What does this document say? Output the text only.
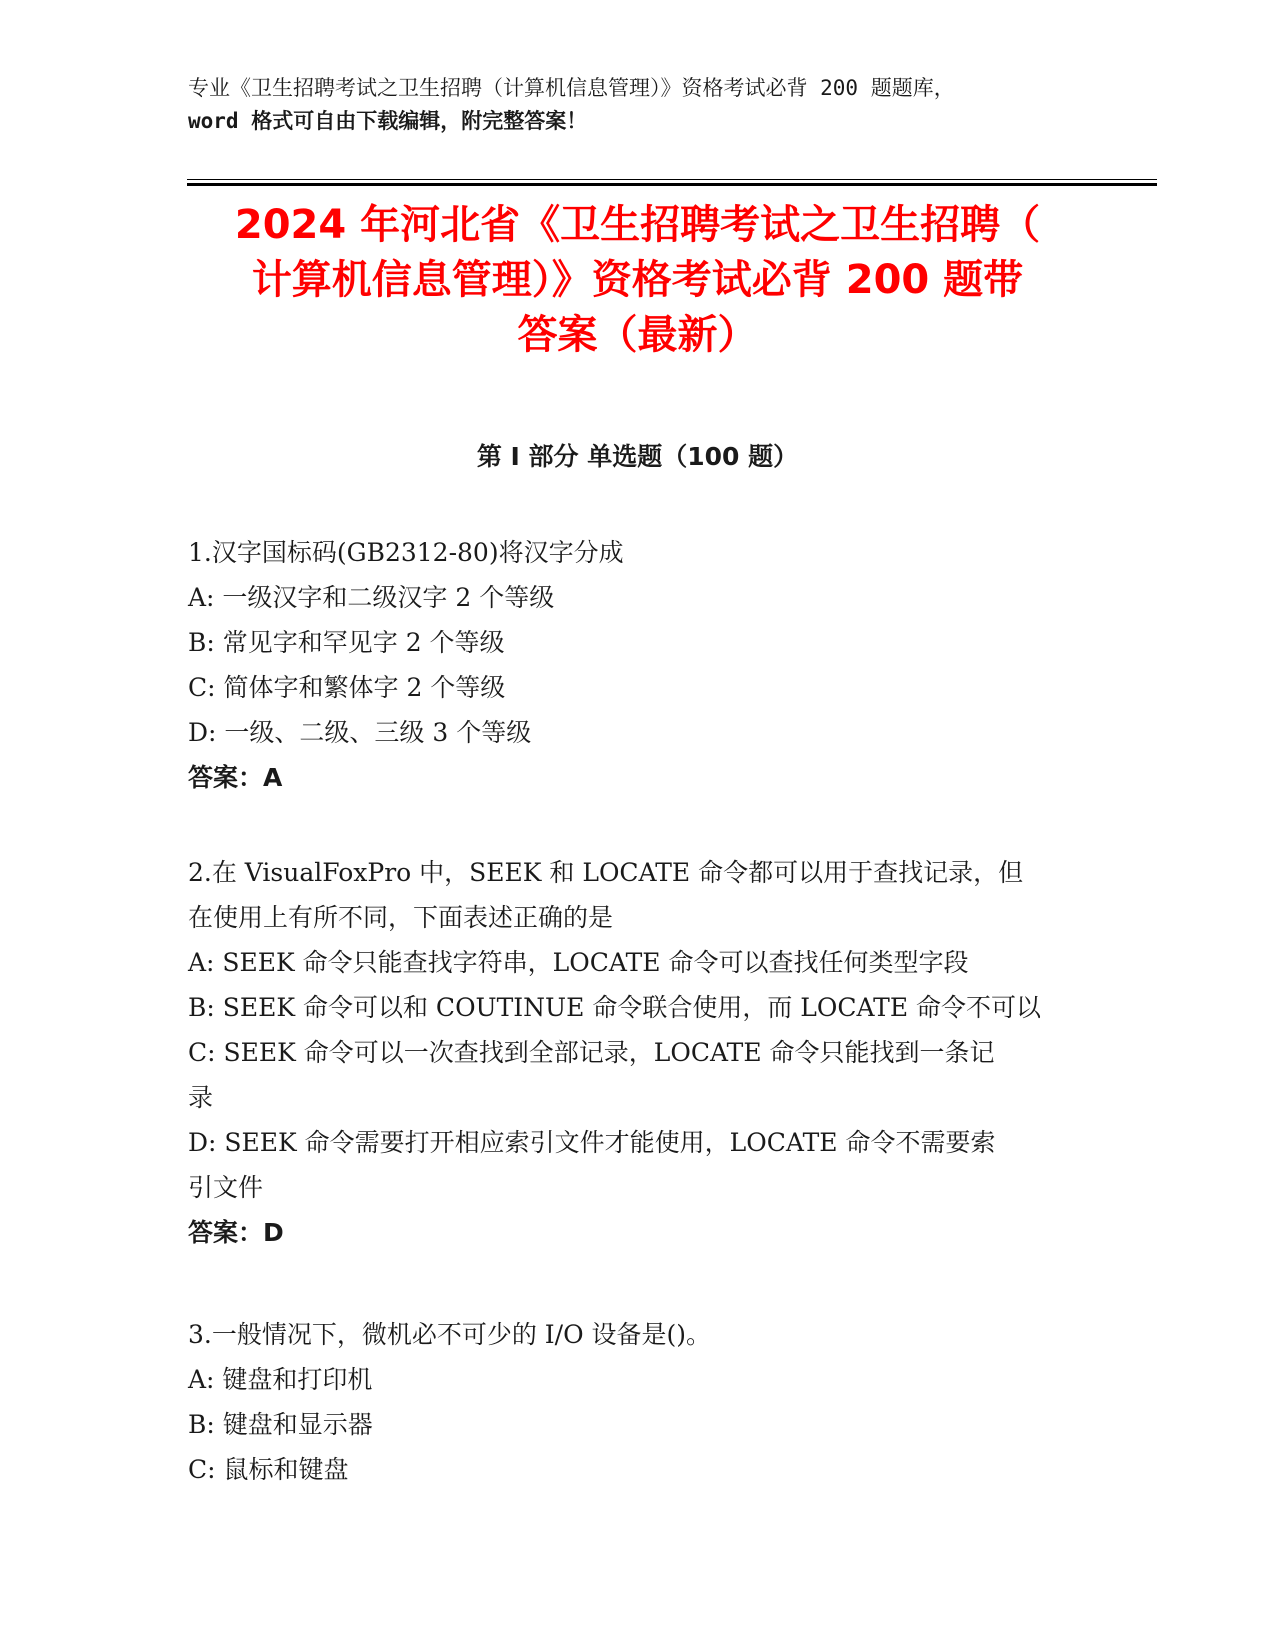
专业《卫生招聘考试之卫生招聘（计算机信息管理）》资格考试必背 200 题题库，
word 格式可自由下载编辑，附完整答案！
2024 年河北省《卫生招聘考试之卫生招聘（
计算机信息管理）》资格考试必背 200 题带
答案（最新）
第 I 部分 单选题（100 题）
1.汉字国标码(GB2312-80)将汉字分成
A: 一级汉字和二级汉字 2 个等级
B: 常见字和罕见字 2 个等级
C: 简体字和繁体字 2 个等级
D: 一级、二级、三级 3 个等级
答案：A
2.在 VisualFoxPro 中，SEEK 和 LOCATE 命令都可以用于查找记录，但
在使用上有所不同，下面表述正确的是
A: SEEK 命令只能查找字符串，LOCATE 命令可以查找任何类型字段
B: SEEK 命令可以和 COUTINUE 命令联合使用，而 LOCATE 命令不可以
C: SEEK 命令可以一次查找到全部记录，LOCATE 命令只能找到一条记
录
D: SEEK 命令需要打开相应索引文件才能使用，LOCATE 命令不需要索
引文件
答案：D
3.一般情况下，微机必不可少的 I/O 设备是()。
A: 键盘和打印机
B: 键盘和显示器
C: 鼠标和键盘
